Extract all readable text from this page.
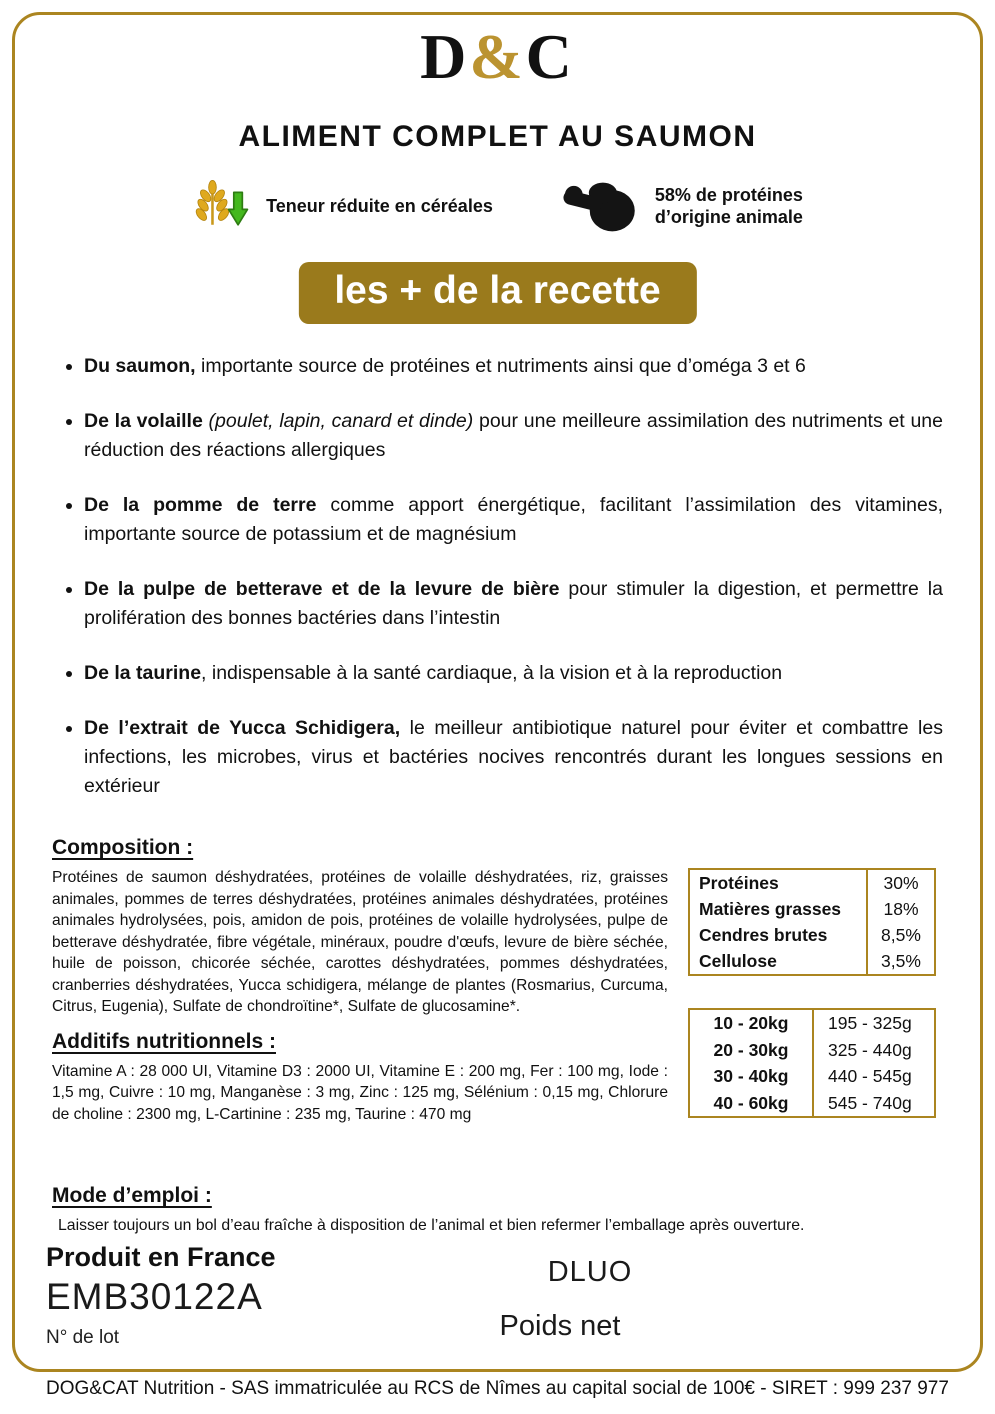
D&C
ALIMENT COMPLET AU SAUMON
Teneur réduite en céréales
58% de protéines
d’origine animale
les + de la recette
• Du saumon, importante source de protéines et nutriments ainsi que d’oméga 3 et 6
• De la volaille (poulet, lapin, canard et dinde) pour une meilleure assimilation des nutriments et une réduction des réactions allergiques
• De la pomme de terre comme apport énergétique, facilitant l’assimilation des vitamines, importante source de potassium et de magnésium
• De la pulpe de betterave et de la levure de bière pour stimuler la digestion, et permettre la prolifération des bonnes bactéries dans l’intestin
• De la taurine, indispensable à la santé cardiaque, à la vision et à la reproduction
• De l’extrait de Yucca Schidigera, le meilleur antibiotique naturel pour éviter et combattre les infections, les microbes, virus et bactéries nocives rencontrés durant les longues sessions en extérieur
Composition :

Protéines de saumon déshydratées, protéines de volaille déshydratées, riz, graisses animales, pommes de terres déshydratées, protéines animales déshydratées, protéines animales hydrolysées, pois, amidon de pois, protéines de volaille hydrolysées, pulpe de betterave déshydratée, fibre végétale, minéraux, poudre d'œufs, levure de bière séchée, huile de poisson, chicorée séchée, carottes déshydratées, pommes déshydratées, cranberries déshydratées, Yucca schidigera, mélange de plantes (Rosmarius, Curcuma, Citrus, Eugenia), Sulfate de chondroïtine*, Sulfate de glucosamine*.

Additifs nutritionnels :

Vitamine A : 28 000 UI, Vitamine D3 : 2000 UI, Vitamine E : 200 mg, Fer : 100 mg, Iode : 1,5 mg, Cuivre : 10 mg, Manganèse : 3 mg, Zinc : 125 mg, Sélénium : 0,15 mg, Chlorure de choline : 2300 mg, L-Cartinine : 235 mg, Taurine : 470 mg

Protéines	30%
Matières grasses	18%
Cendres brutes	8,5%
Cellulose	3,5%
10 - 20kg	195 - 325g
20 - 30kg	325 - 440g
30 - 40kg	440 - 545g
40 - 60kg	545 - 740g
Mode d’emploi :

Laisser toujours un bol d’eau fraîche à disposition de l’animal et bien refermer l’emballage après ouverture.

Produit en France
EMB30122A
N° de lot
DLUO
Poids net
DOG&CAT Nutrition - SAS immatriculée au RCS de Nîmes au capital social de 100€ - SIRET : 999 237 977
